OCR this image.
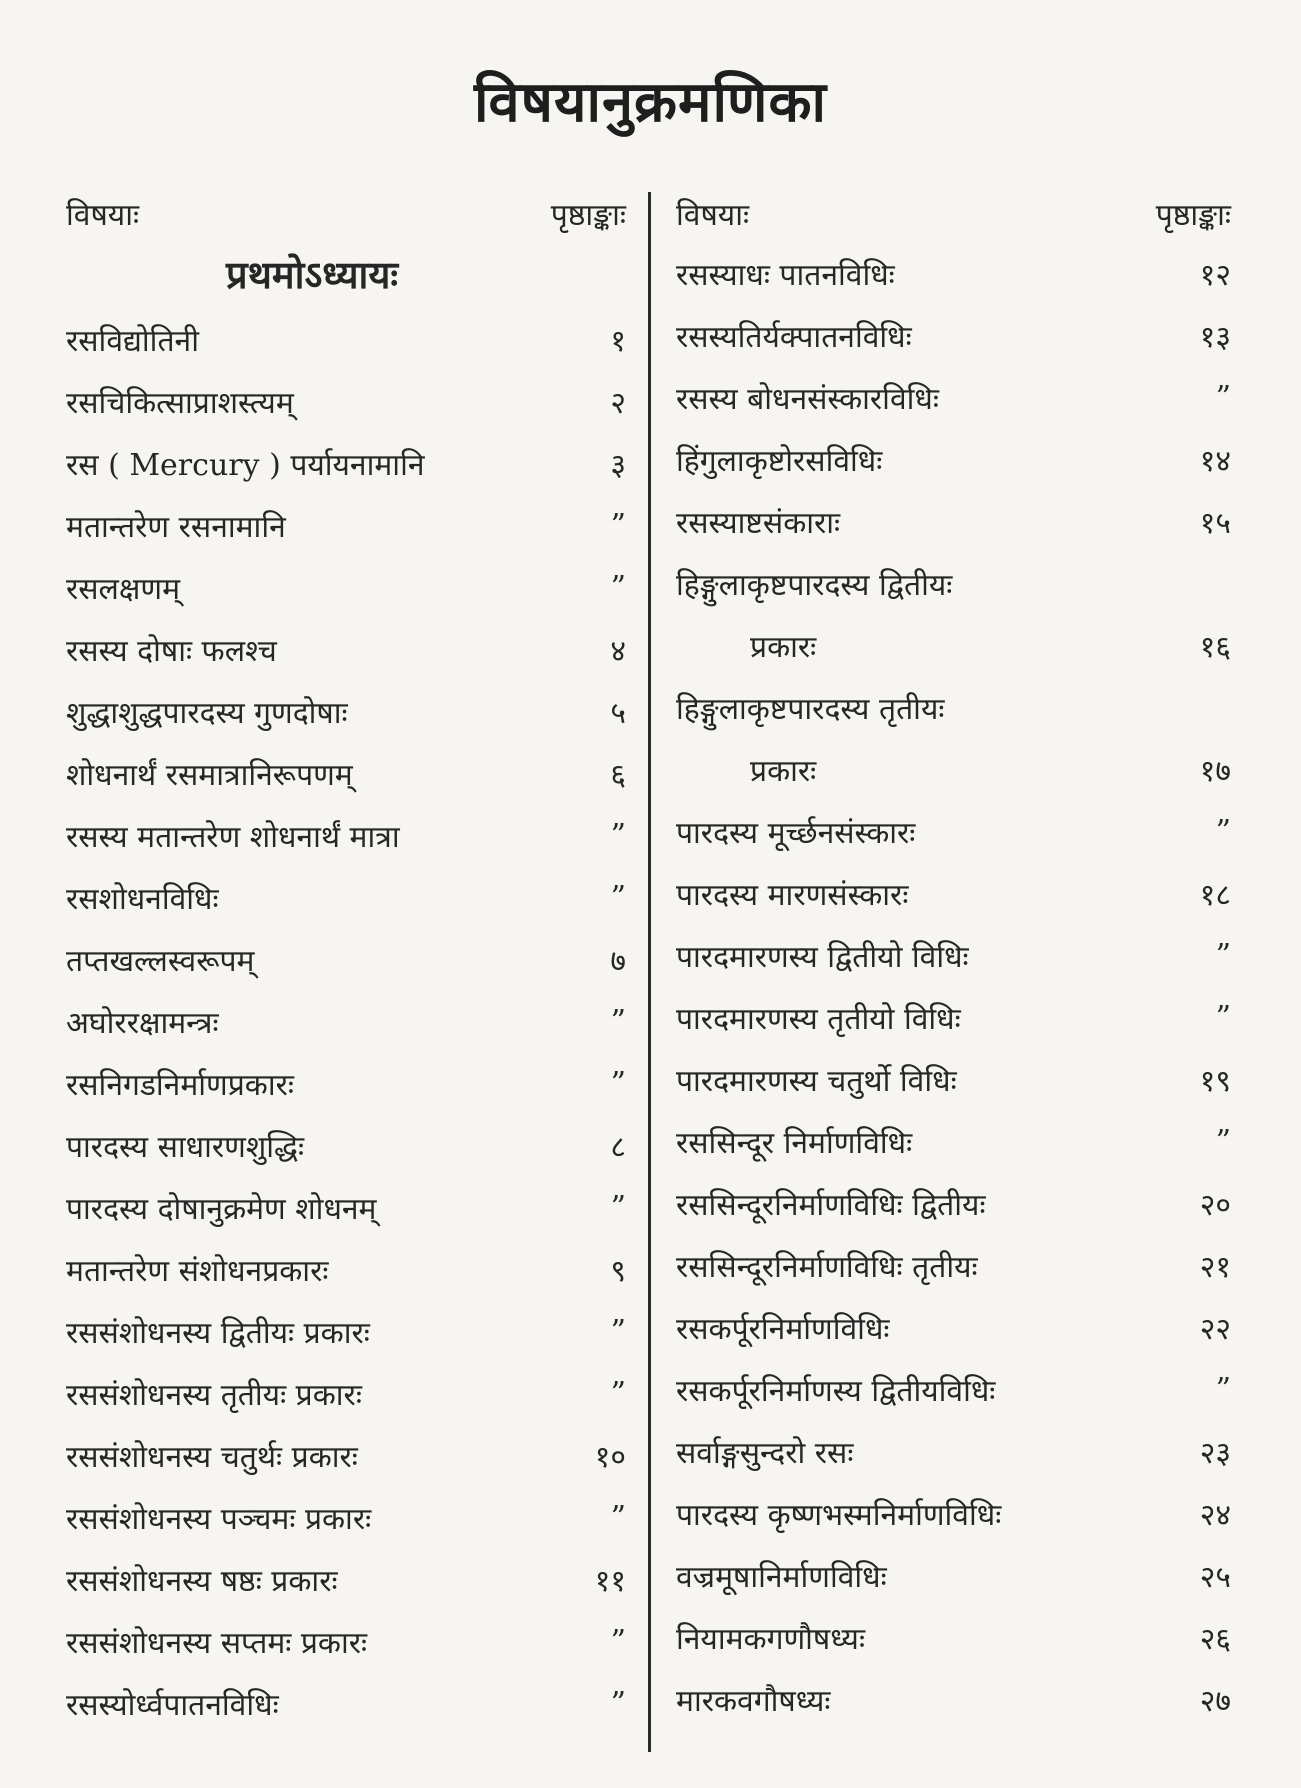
विषयानुक्रमणिका
विषयाः	पृष्ठाङ्काः
प्रथमोऽध्यायः
रसविद्योतिनी	१
रसचिकित्साप्राशस्त्यम्	२
रस ( Mercury ) पर्यायनामानि	३
मतान्तरेण रसनामानि	”
रसलक्षणम्	”
रसस्य दोषाः फलश्च	४
शुद्धाशुद्धपारदस्य गुणदोषाः	५
शोधनार्थं रसमात्रानिरूपणम्	६
रसस्य मतान्तरेण शोधनार्थं मात्रा	”
रसशोधनविधिः	”
तप्तखल्लस्वरूपम्	७
अघोररक्षामन्त्रः	”
रसनिगडनिर्माणप्रकारः	”
पारदस्य साधारणशुद्धिः	८
पारदस्य दोषानुक्रमेण शोधनम्	”
मतान्तरेण संशोधनप्रकारः	९
रससंशोधनस्य द्वितीयः प्रकारः	”
रससंशोधनस्य तृतीयः प्रकारः	”
रससंशोधनस्य चतुर्थः प्रकारः	१०
रससंशोधनस्य पञ्चमः प्रकारः	”
रससंशोधनस्य षष्ठः प्रकारः	११
रससंशोधनस्य सप्तमः प्रकारः	”
रसस्योर्ध्वपातनविधिः	”
विषयाः	पृष्ठाङ्काः
रसस्याधः पातनविधिः	१२
रसस्यतिर्यक्पातनविधिः	१३
रसस्य बोधनसंस्कारविधिः	”
हिंगुलाकृष्टोरसविधिः	१४
रसस्याष्टसंकाराः	१५
हिङ्गुलाकृष्टपारदस्य द्वितीयः
प्रकारः	१६
हिङ्गुलाकृष्टपारदस्य तृतीयः
प्रकारः	१७
पारदस्य मूर्च्छनसंस्कारः	”
पारदस्य मारणसंस्कारः	१८
पारदमारणस्य द्वितीयो विधिः	”
पारदमारणस्य तृतीयो विधिः	”
पारदमारणस्य चतुर्थो विधिः	१९
रससिन्दूर निर्माणविधिः	”
रससिन्दूरनिर्माणविधिः द्वितीयः	२०
रससिन्दूरनिर्माणविधिः तृतीयः	२१
रसकर्पूरनिर्माणविधिः	२२
रसकर्पूरनिर्माणस्य द्वितीयविधिः	”
सर्वाङ्गसुन्दरो रसः	२३
पारदस्य कृष्णभस्मनिर्माणविधिः	२४
वज्रमूषानिर्माणविधिः	२५
नियामकगणौषध्यः	२६
मारकवगौषध्यः	२७
